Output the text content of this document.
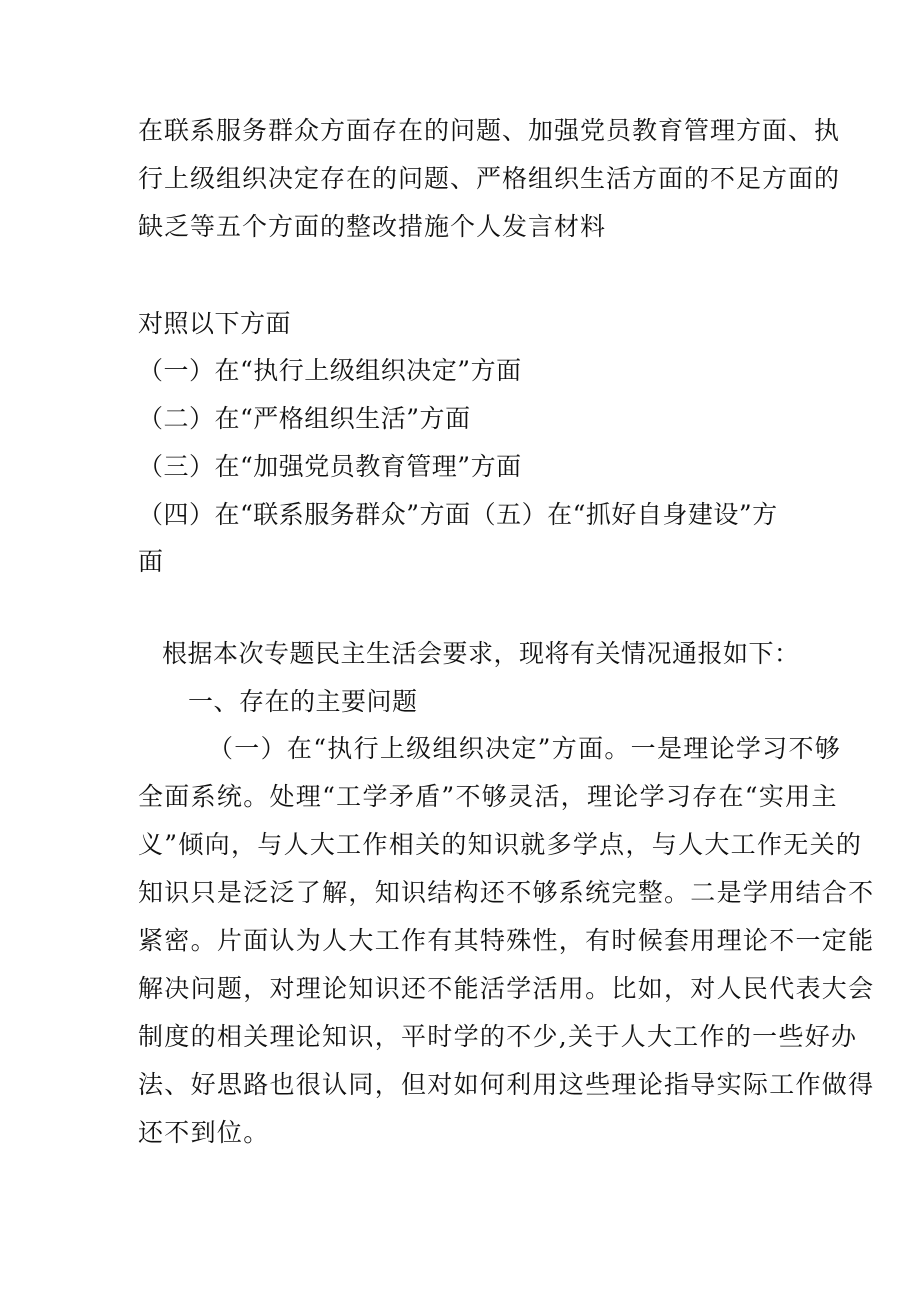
在联系服务群众方面存在的问题、加强党员教育管理方面、执
行上级组织决定存在的问题、严格组织生活方面的不足方面的
缺乏等五个方面的整改措施个人发言材料
对照以下方面
（一）在“执行上级组织决定”方面
（二）在“严格组织生活”方面
（三）在“加强党员教育管理”方面
（四）在“联系服务群众”方面（五）在“抓好自身建设”方
面
根据本次专题民主生活会要求，现将有关情况通报如下：
一、存在的主要问题
（一）在“执行上级组织决定”方面。一是理论学习不够
全面系统。处理“工学矛盾”不够灵活，理论学习存在“实用主
义”倾向，与人大工作相关的知识就多学点，与人大工作无关的
知识只是泛泛了解，知识结构还不够系统完整。二是学用结合不
紧密。片面认为人大工作有其特殊性，有时候套用理论不一定能
解决问题，对理论知识还不能活学活用。比如，对人民代表大会
制度的相关理论知识，平时学的不少,关于人大工作的一些好办
法、好思路也很认同，但对如何利用这些理论指导实际工作做得
还不到位。
